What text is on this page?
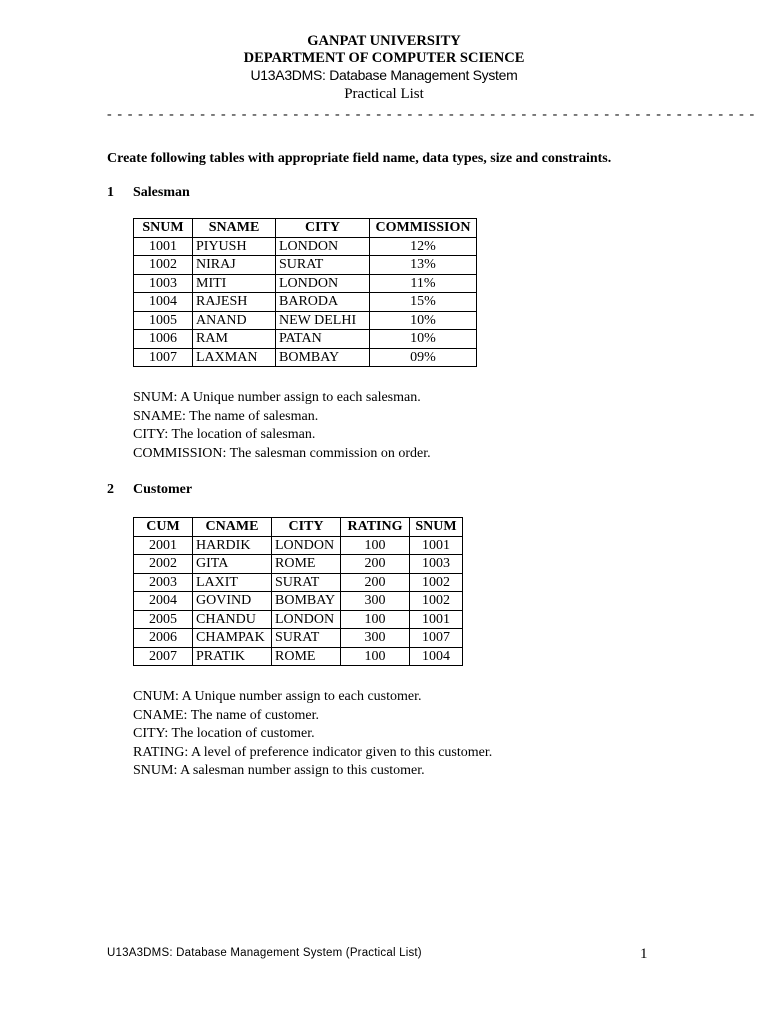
GANPAT UNIVERSITY
DEPARTMENT OF COMPUTER SCIENCE
U13A3DMS: Database Management System
Practical List
- - - - - - - - - - - - - - - - - - - - - - - - - - - - - - - - - - - - - - - - - - - - - - - - - - - - - - - - - - - - - - -
Create following tables with appropriate field name, data types, size and constraints.
1 Salesman
SNUM	SNAME	CITY	COMMISSION
1001	PIYUSH	LONDON	12%
1002	NIRAJ	SURAT	13%
1003	MITI	LONDON	11%
1004	RAJESH	BARODA	15%
1005	ANAND	NEW DELHI	10%
1006	RAM	PATAN	10%
1007	LAXMAN	BOMBAY	09%
SNUM: A Unique number assign to each salesman.
SNAME: The name of salesman.
CITY: The location of salesman.
COMMISSION: The salesman commission on order.
2 Customer
CUM	CNAME	CITY	RATING	SNUM
2001	HARDIK	LONDON	100	1001
2002	GITA	ROME	200	1003
2003	LAXIT	SURAT	200	1002
2004	GOVIND	BOMBAY	300	1002
2005	CHANDU	LONDON	100	1001
2006	CHAMPAK	SURAT	300	1007
2007	PRATIK	ROME	100	1004
CNUM: A Unique number assign to each customer.
CNAME: The name of customer.
CITY: The location of customer.
RATING: A level of preference indicator given to this customer.
SNUM: A salesman number assign to this customer.
U13A3DMS: Database Management System (Practical List)	1
